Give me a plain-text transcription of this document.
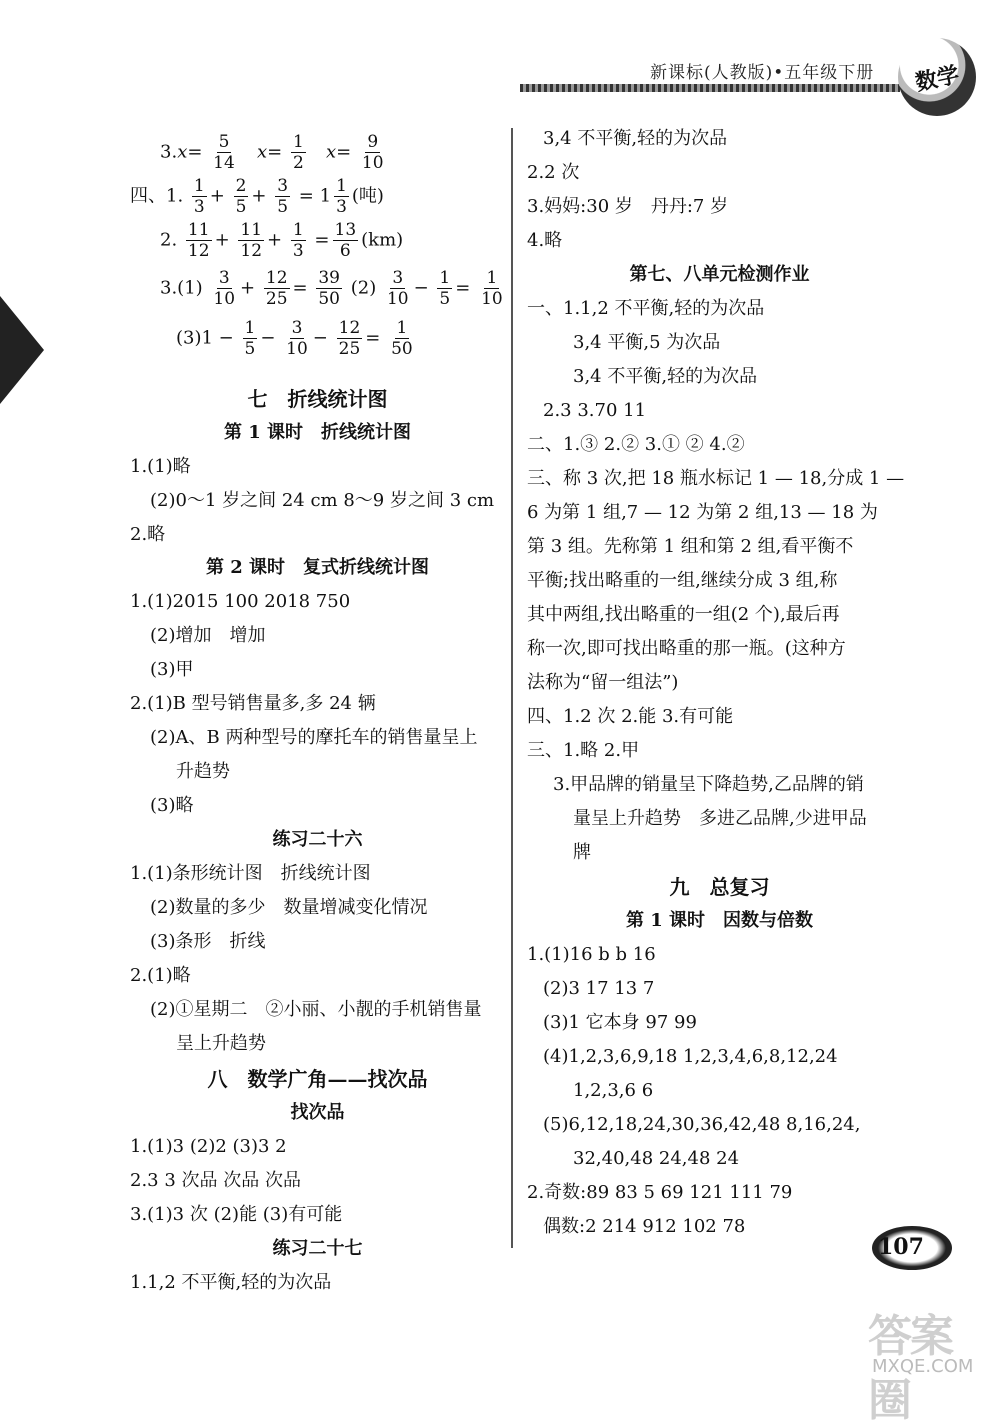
新课标(人教版)•五年级下册 数学
$3.x= \frac{5}{14} x= \frac{1}{2} x= \frac{9}{10}$
四、1. $\frac{1}{3} + \frac{2}{5} + \frac{3}{5} = 1 \frac{1}{3}$ (吨)
2. $\frac{11}{12} + \frac{11}{12} + \frac{1}{3} = \frac{13}{6} (km)$
$3.(1) \frac{3}{10} + \frac{12}{25} = \frac{39}{50} (2) \frac{3}{10} - \frac{1}{5} = \frac{1}{10}$
$(3)1 - \frac{1}{5} - \frac{3}{10} - \frac{12}{25} = \frac{1}{50}$
七　折线统计图
第 1 课时　折线统计图
1.(1)略
(2)0～1 岁之间 24 cm 8～9 岁之间 3 cm
2.略
第 2 课时　复式折线统计图
1.(1)2015 100 2018 750
(2)增加　增加
(3)甲
2.(1)B 型号销售量多,多 24 辆
(2)A、B 两种型号的摩托车的销售量呈上
升趋势
(3)略
练习二十六
1.(1)条形统计图　折线统计图
(2)数量的多少　数量增减变化情况
(3)条形　折线
2.(1)略
(2)①星期二　②小丽、小靓的手机销售量
呈上升趋势
八　数学广角——找次品
找次品
1.(1)3 (2)2 (3)3 2
2.3 3 次品 次品 次品
3.(1)3 次 (2)能 (3)有可能
练习二十七
1.1,2 不平衡,轻的为次品
3,4 不平衡,轻的为次品
2.2 次
3.妈妈:30 岁　丹丹:7 岁
4.略
第七、八单元检测作业
一、1.1,2 不平衡,轻的为次品
3,4 平衡,5 为次品
3,4 不平衡,轻的为次品
2.3 3.70 11
二、1.③ 2.② 3.① ② 4.②
三、称 3 次,把 18 瓶水标记 1 — 18,分成 1 —
6 为第 1 组,7 — 12 为第 2 组,13 — 18 为
第 3 组。先称第 1 组和第 2 组,看平衡不
平衡;找出略重的一组,继续分成 3 组,称
其中两组,找出略重的一组(2 个),最后再
称一次,即可找出略重的那一瓶。(这种方
法称为“留一组法”)
四、1.2 次 2.能 3.有可能
三、1.略 2.甲
3.甲品牌的销量呈下降趋势,乙品牌的销
量呈上升趋势　多进乙品牌,少进甲品
牌
九　总复习
第 1 课时　因数与倍数
1.(1)16 b b 16
(2)3 17 13 7
(3)1 它本身 97 99
(4)1,2,3,6,9,18 1,2,3,4,6,8,12,24
1,2,3,6 6
(5)6,12,18,24,30,36,42,48 8,16,24,
32,40,48 24,48 24
2.奇数:89 83 5 69 121 111 79
偶数:2 214 912 102 78
107
答案圈
MXQE.COM
